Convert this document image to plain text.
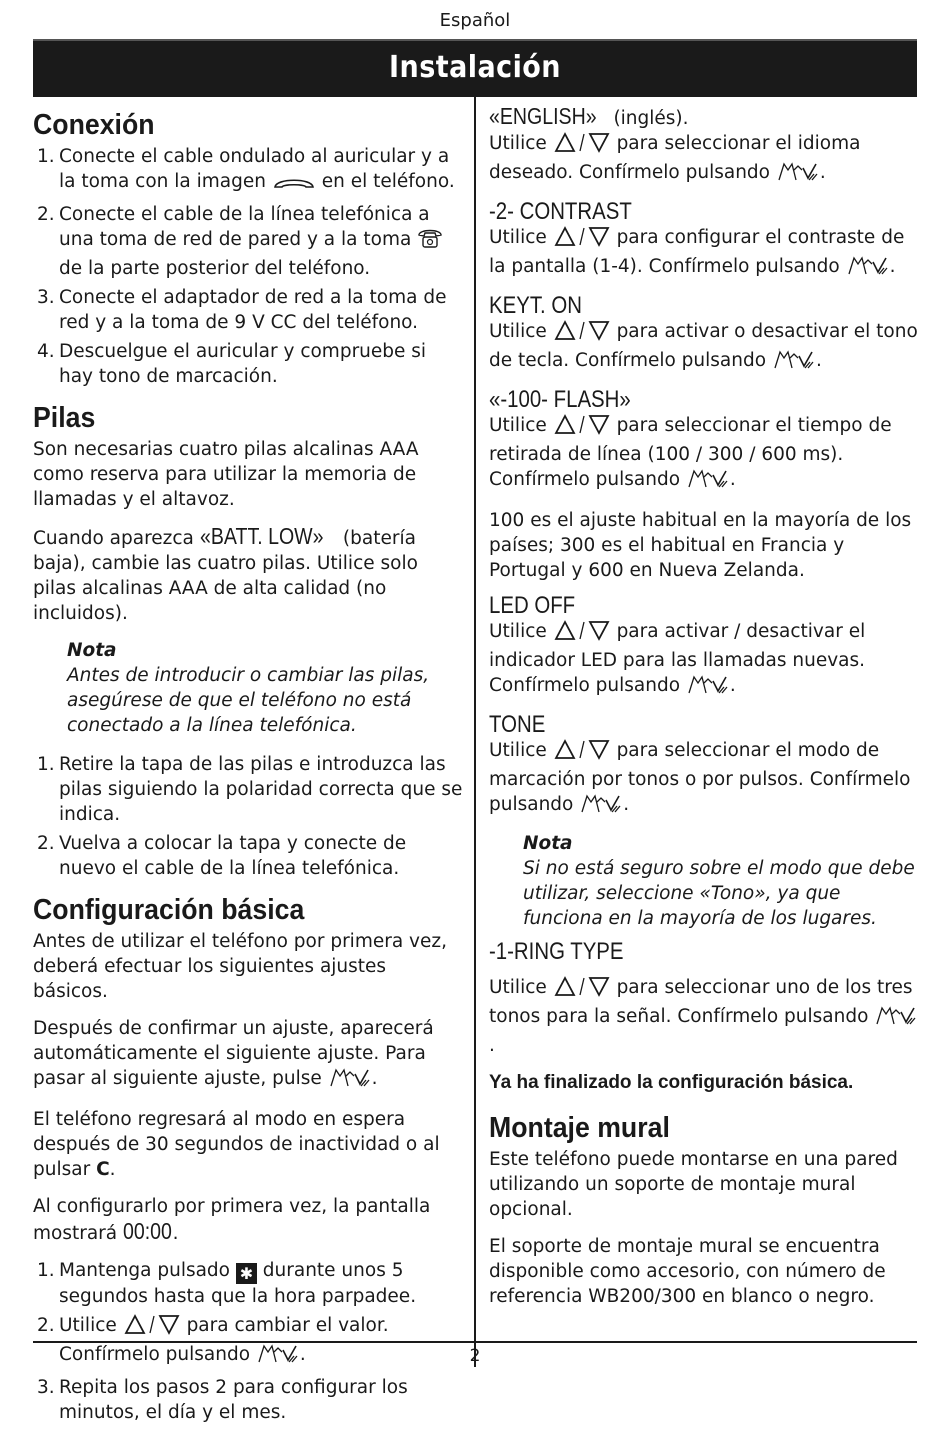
Español
Instalación
Conexión
1. Conecte el cable ondulado al auricular y a la toma con la imagen	en el teléfono.
2. Conecte el cable de la línea telefónica a una toma de red de pared y a la toma  de la parte posterior del teléfono.
3. Conecte el adaptador de red a la toma de red y a la toma de 9 V CC del teléfono.
4. Descuelgue el auricular y compruebe si hay tono de marcación.
Pilas

Son necesarias cuatro pilas alcalinas AAA como reserva para utilizar la memoria de llamadas y el altavoz.

Cuando aparezca «BATT. LOW» (batería baja), cambie las cuatro pilas. Utilice solo pilas alcalinas AAA de alta calidad (no incluidos).

Nota
Antes de introducir o cambiar las pilas, asegúrese de que el teléfono no está conectado a la línea telefónica.
1. Retire la tapa de las pilas e introduzca las pilas siguiendo la polaridad correcta que se indica.
2. Vuelva a colocar la tapa y conecte de nuevo el cable de la línea telefónica.
Configuración básica

Antes de utilizar el teléfono por primera vez, deberá efectuar los siguientes ajustes básicos.

Después de confirmar un ajuste, aparecerá automáticamente el siguiente ajuste. Para pasar al siguiente ajuste, pulse	.

El teléfono regresará al modo en espera después de 30 segundos de inactividad o al pulsar C.

Al configurarlo por primera vez, la pantalla mostrará 00:00.

1. Mantenga pulsado ✱ durante unos 5 segundos hasta que la hora parpadee.
2. Utilice	para cambiar el valor. Confírmelo pulsando	.
3. Repita los pasos 2 para configurar los minutos, el día y el mes.
«ENGLISH» (inglés).
Utilice	para seleccionar el idioma deseado. Confírmelo pulsando	.
-2- CONTRAST
Utilice	para configurar el contraste de la pantalla (1-4). Confírmelo pulsando	.
KEYT. ON
Utilice	para activar o desactivar el tono de tecla. Confírmelo pulsando	.
«-100- FLASH»
Utilice	para seleccionar el tiempo de retirada de línea (100 / 300 / 600 ms). Confírmelo pulsando	.
100 es el ajuste habitual en la mayoría de los países; 300 es el habitual en Francia y Portugal y 600 en Nueva Zelanda.
LED OFF
Utilice	para activar / desactivar el indicador LED para las llamadas nuevas. Confírmelo pulsando	.
TONE
Utilice	para seleccionar el modo de marcación por tonos o por pulsos. Confírmelo pulsando	.
Nota
Si no está seguro sobre el modo que debe utilizar, seleccione «Tono», ya que funciona en la mayoría de los lugares.
-1-RING TYPE
Utilice	para seleccionar uno de los tres tonos para la señal. Confírmelo pulsando .

Ya ha finalizado la configuración básica.

Montaje mural

Este teléfono puede montarse en una pared utilizando un soporte de montaje mural opcional.

El soporte de montaje mural se encuentra disponible como accesorio, con número de referencia WB200/300 en blanco o negro.

2
